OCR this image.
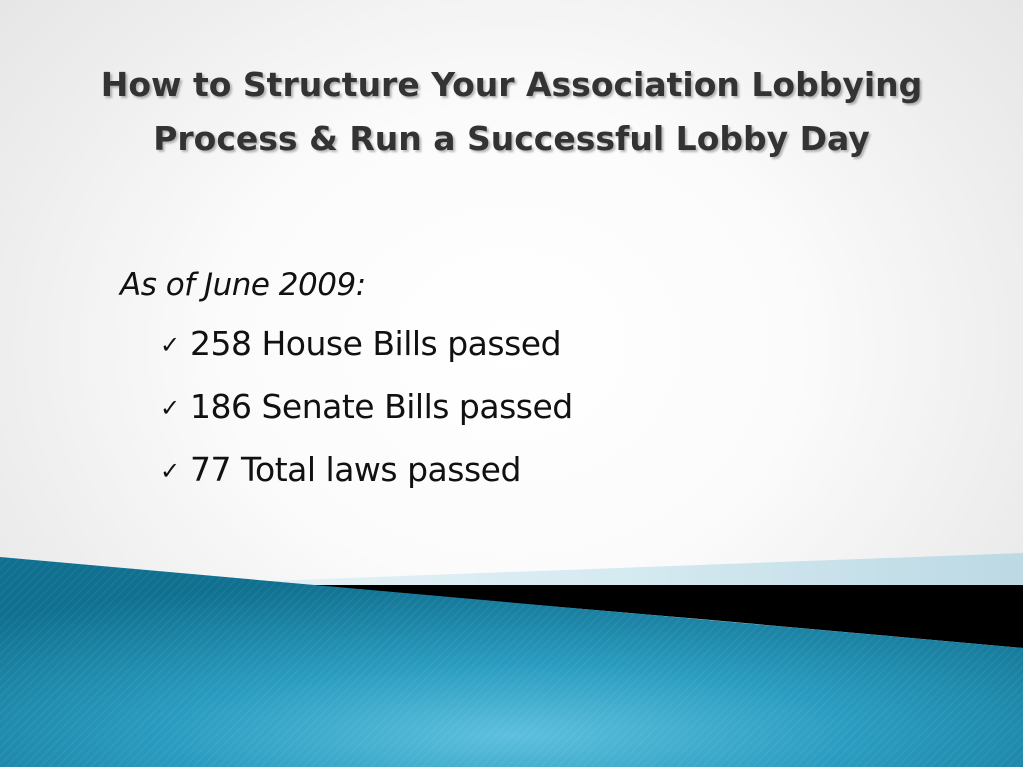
How to Structure Your Association Lobbying
Process & Run a Successful Lobby Day
As of June 2009:
✓ 258 House Bills passed
✓ 186 Senate Bills passed
✓ 77 Total laws passed
